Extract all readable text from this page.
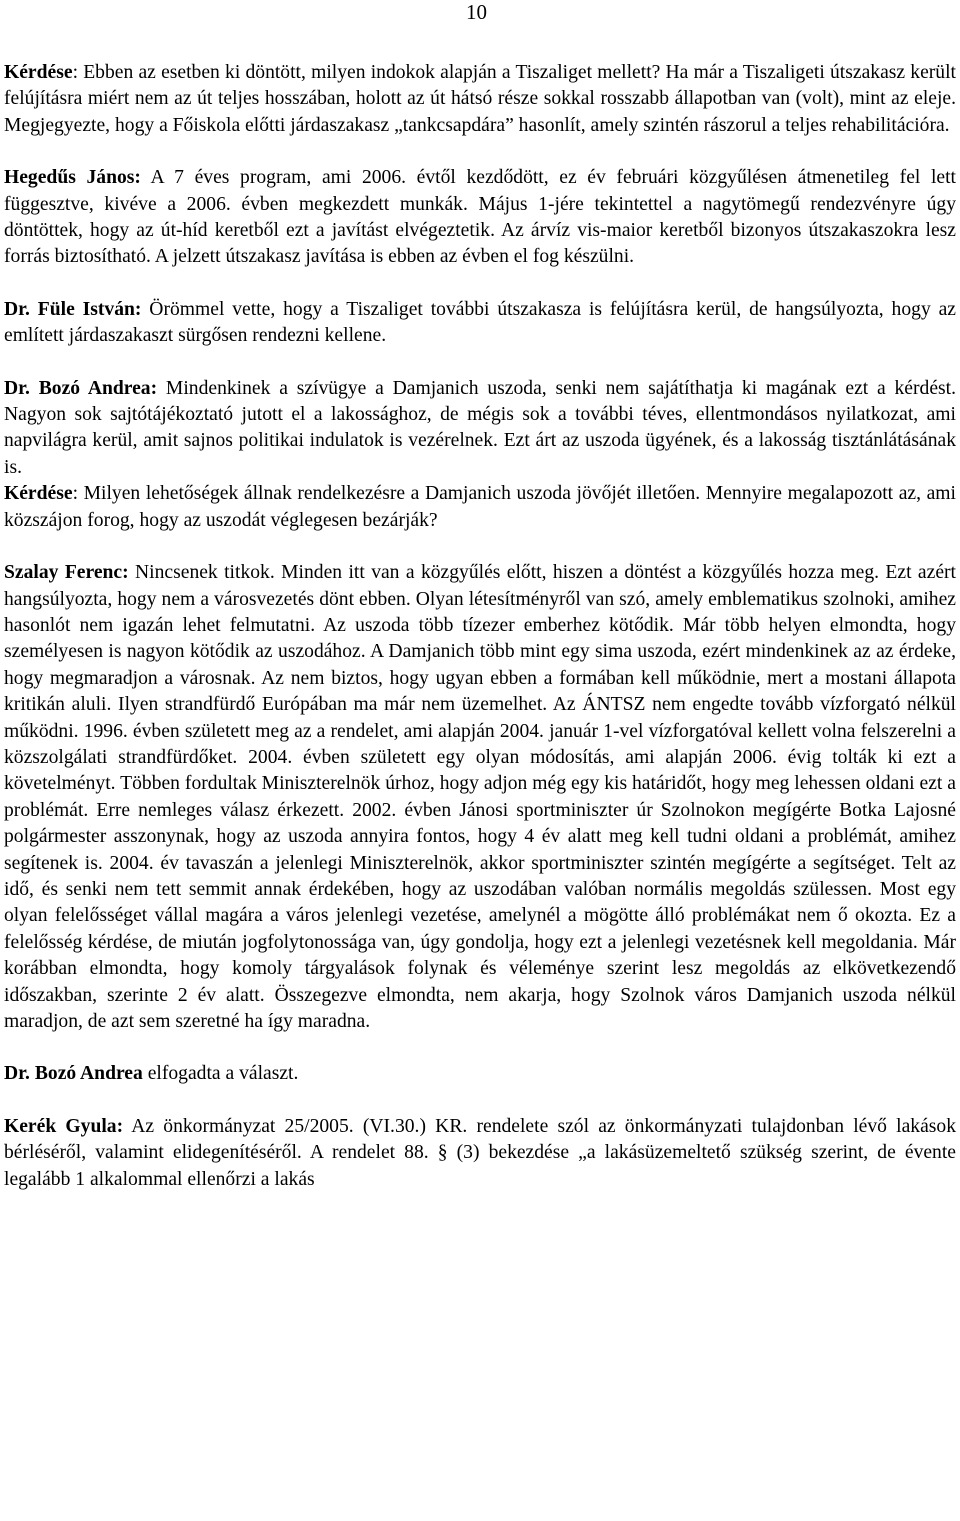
10

Kérdése: Ebben az esetben ki döntött, milyen indokok alapján a Tiszaliget mellett? Ha már a Tiszaligeti útszakasz került felújításra miért nem az út teljes hosszában, holott az út hátsó része sokkal rosszabb állapotban van (volt), mint az eleje. Megjegyezte, hogy a Főiskola előtti járdaszakasz „tankcsapdára” hasonlít, amely szintén rászorul a teljes rehabilitációra.

Hegedűs János: A 7 éves program, ami 2006. évtől kezdődött, ez év februári közgyűlésen átmenetileg fel lett függesztve, kivéve a 2006. évben megkezdett munkák. Május 1-jére tekintettel a nagytömegű rendezvényre úgy döntöttek, hogy az út-híd keretből ezt a javítást elvégeztetik. Az árvíz vis-maior keretből bizonyos útszakaszokra lesz forrás biztosítható. A jelzett útszakasz javítása is ebben az évben el fog készülni.

Dr. Füle István: Örömmel vette, hogy a Tiszaliget további útszakasza is felújításra kerül, de hangsúlyozta, hogy az említett járdaszakaszt sürgősen rendezni kellene.

Dr. Bozó Andrea: Mindenkinek a szívügye a Damjanich uszoda, senki nem sajátíthatja ki magának ezt a kérdést. Nagyon sok sajtótájékoztató jutott el a lakossághoz, de mégis sok a további téves, ellentmondásos nyilatkozat, ami napvilágra kerül, amit sajnos politikai indulatok is vezérelnek. Ezt árt az uszoda ügyének, és a lakosság tisztánlátásának is.

Kérdése: Milyen lehetőségek állnak rendelkezésre a Damjanich uszoda jövőjét illetően. Mennyire megalapozott az, ami közszájon forog, hogy az uszodát véglegesen bezárják?

Szalay Ferenc: Nincsenek titkok. Minden itt van a közgyűlés előtt, hiszen a döntést a közgyűlés hozza meg. Ezt azért hangsúlyozta, hogy nem a városvezetés dönt ebben. Olyan létesítményről van szó, amely emblematikus szolnoki, amihez hasonlót nem igazán lehet felmutatni. Az uszoda több tízezer emberhez kötődik. Már több helyen elmondta, hogy személyesen is nagyon kötődik az uszodához. A Damjanich több mint egy sima uszoda, ezért mindenkinek az az érdeke, hogy megmaradjon a városnak. Az nem biztos, hogy ugyan ebben a formában kell működnie, mert a mostani állapota kritikán aluli. Ilyen strandfürdő Európában ma már nem üzemelhet. Az ÁNTSZ nem engedte tovább vízforgató nélkül működni. 1996. évben született meg az a rendelet, ami alapján 2004. január 1-vel vízforgatóval kellett volna felszerelni a közszolgálati strandfürdőket. 2004. évben született egy olyan módosítás, ami alapján 2006. évig tolták ki ezt a követelményt. Többen fordultak Miniszterelnök úrhoz, hogy adjon még egy kis határidőt, hogy meg lehessen oldani ezt a problémát. Erre nemleges válasz érkezett. 2002. évben Jánosi sportminiszter úr Szolnokon megígérte Botka Lajosné polgármester asszonynak, hogy az uszoda annyira fontos, hogy 4 év alatt meg kell tudni oldani a problémát, amihez segítenek is. 2004. év tavaszán a jelenlegi Miniszterelnök, akkor sportminiszter szintén megígérte a segítséget. Telt az idő, és senki nem tett semmit annak érdekében, hogy az uszodában valóban normális megoldás szülessen. Most egy olyan felelősséget vállal magára a város jelenlegi vezetése, amelynél a mögötte álló problémákat nem ő okozta. Ez a felelősség kérdése, de miután jogfolytonossága van, úgy gondolja, hogy ezt a jelenlegi vezetésnek kell megoldania. Már korábban elmondta, hogy komoly tárgyalások folynak és véleménye szerint lesz megoldás az elkövetkezendő időszakban, szerinte 2 év alatt. Összegezve elmondta, nem akarja, hogy Szolnok város Damjanich uszoda nélkül maradjon, de azt sem szeretné ha így maradna.

Dr. Bozó Andrea elfogadta a választ.

Kerék Gyula: Az önkormányzat 25/2005. (VI.30.) KR. rendelete szól az önkormányzati tulajdonban lévő lakások bérléséről, valamint elidegenítéséről. A rendelet 88. § (3) bekezdése „a lakásüzemeltető szükség szerint, de évente legalább 1 alkalommal ellenőrzi a lakás
